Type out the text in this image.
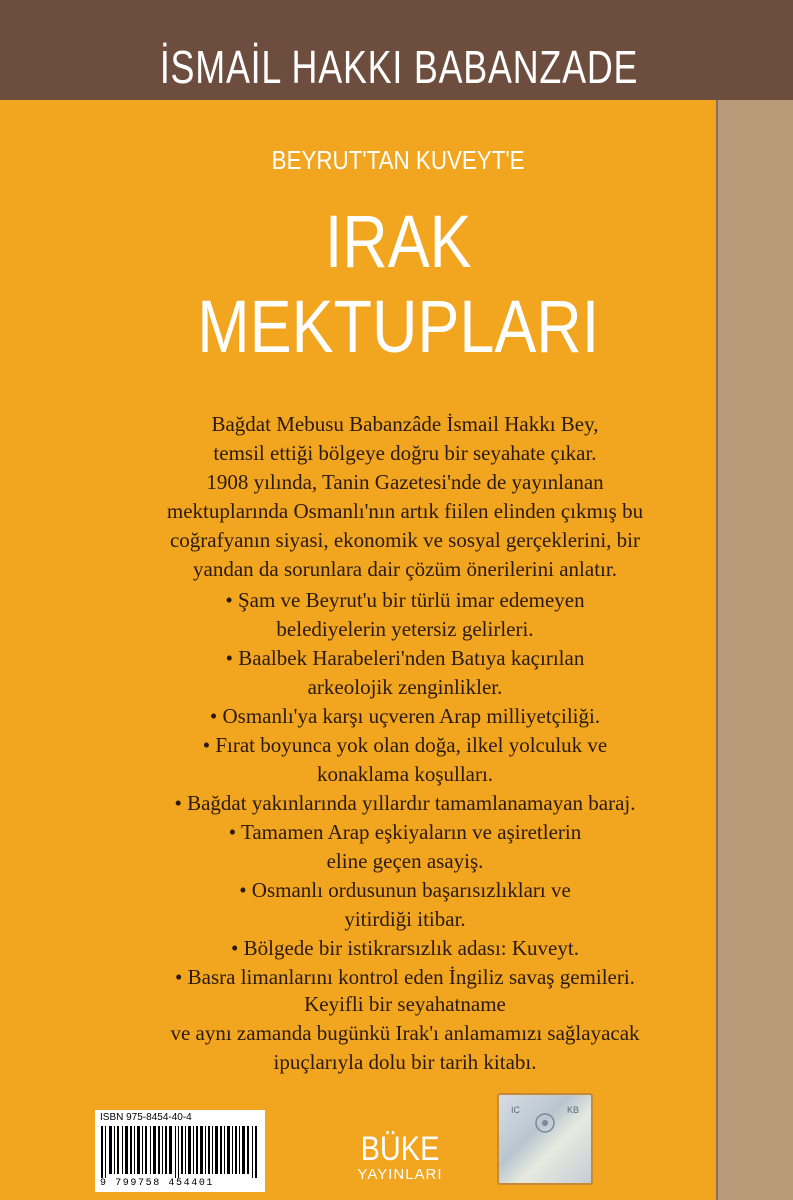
İSMAİL HAKKI BABANZADE
BEYRUT'TAN KUVEYT'E
IRAK
MEKTUPLARI
Bağdat Mebusu Babanzâde İsmail Hakkı Bey,
temsil ettiği bölgeye doğru bir seyahate çıkar.
1908 yılında, Tanin Gazetesi'nde de yayınlanan
mektuplarında Osmanlı'nın artık fiilen elinden çıkmış bu
coğrafyanın siyasi, ekonomik ve sosyal gerçeklerini, bir
yandan da sorunlara dair çözüm önerilerini anlatır.
• Şam ve Beyrut'u bir türlü imar edemeyen
belediyelerin yetersiz gelirleri.
• Baalbek Harabeleri'nden Batıya kaçırılan
arkeolojik zenginlikler.
• Osmanlı'ya karşı uçveren Arap milliyetçiliği.
• Fırat boyunca yok olan doğa, ilkel yolculuk ve
konaklama koşulları.
• Bağdat yakınlarında yıllardır tamamlanamayan baraj.
• Tamamen Arap eşkiyaların ve aşiretlerin
eline geçen asayiş.
• Osmanlı ordusunun başarısızlıkları ve
yitirdiği itibar.
• Bölgede bir istikrarsızlık adası: Kuveyt.
• Basra limanlarını kontrol eden İngiliz savaş gemileri.
Keyifli bir seyahatname
ve aynı zamanda bugünkü Irak'ı anlamamızı sağlayacak
ipuçlarıyla dolu bir tarih kitabı.
ISBN 975-8454-40-4
9 799758 454401
BÜKE
YAYINLARI
IC	KB
